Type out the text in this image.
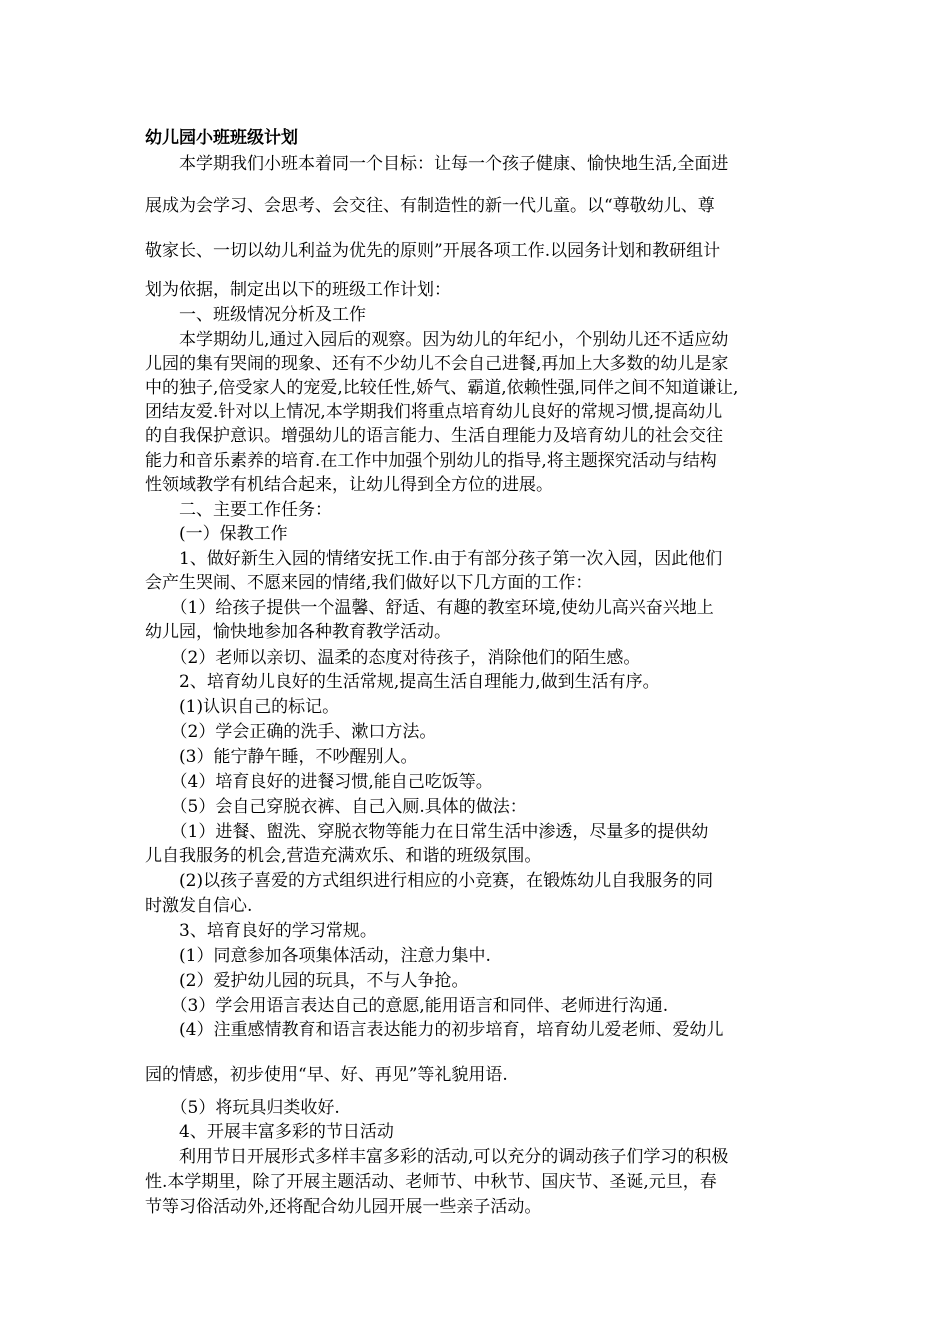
幼儿园小班班级计划
　　本学期我们小班本着同一个目标：让每一个孩子健康、愉快地生活,全面进
展成为会学习、会思考、会交往、有制造性的新一代儿童。以“尊敬幼儿、尊
敬家长、一切以幼儿利益为优先的原则”开展各项工作.以园务计划和教研组计
划为依据，制定出以下的班级工作计划：
　　一、班级情况分析及工作
　　本学期幼儿,通过入园后的观察。因为幼儿的年纪小，个别幼儿还不适应幼
儿园的集有哭闹的现象、还有不少幼儿不会自己进餐,再加上大多数的幼儿是家
中的独子,倍受家人的宠爱,比较任性,娇气、霸道,依赖性强,同伴之间不知道谦让,
团结友爱.针对以上情况,本学期我们将重点培育幼儿良好的常规习惯,提高幼儿
的自我保护意识。增强幼儿的语言能力、生活自理能力及培育幼儿的社会交往
能力和音乐素养的培育.在工作中加强个别幼儿的指导,将主题探究活动与结构
性领域教学有机结合起来，让幼儿得到全方位的进展。
　　二、主要工作任务：
　　(一）保教工作
　　1、做好新生入园的情绪安抚工作.由于有部分孩子第一次入园，因此他们
会产生哭闹、不愿来园的情绪,我们做好以下几方面的工作：
　　（1）给孩子提供一个温馨、舒适、有趣的教室环境,使幼儿高兴奋兴地上
幼儿园，愉快地参加各种教育教学活动。
　　（2）老师以亲切、温柔的态度对待孩子，消除他们的陌生感。
　　2、培育幼儿良好的生活常规,提高生活自理能力,做到生活有序。
　　(1)认识自己的标记。
　　（2）学会正确的洗手、漱口方法。
　　(3）能宁静午睡，不吵醒别人。
　　（4）培育良好的进餐习惯,能自己吃饭等。
　　（5）会自己穿脱衣裤、自己入厕.具体的做法：
　　（1）进餐、盥洗、穿脱衣物等能力在日常生活中渗透，尽量多的提供幼
儿自我服务的机会,营造充满欢乐、和谐的班级氛围。
　　(2)以孩子喜爱的方式组织进行相应的小竞赛，在锻炼幼儿自我服务的同
时激发自信心.
　　3、培育良好的学习常规。
　　(1）同意参加各项集体活动，注意力集中.
　　(2）爱护幼儿园的玩具，不与人争抢。
　　（3）学会用语言表达自己的意愿,能用语言和同伴、老师进行沟通.
　　(4）注重感情教育和语言表达能力的初步培育，培育幼儿爱老师、爱幼儿
园的情感，初步使用“早、好、再见”等礼貌用语.
　　（5）将玩具归类收好.
　　4、开展丰富多彩的节日活动
　　利用节日开展形式多样丰富多彩的活动,可以充分的调动孩子们学习的积极
性.本学期里，除了开展主题活动、老师节、中秋节、国庆节、圣诞,元旦，春
节等习俗活动外,还将配合幼儿园开展一些亲子活动。
